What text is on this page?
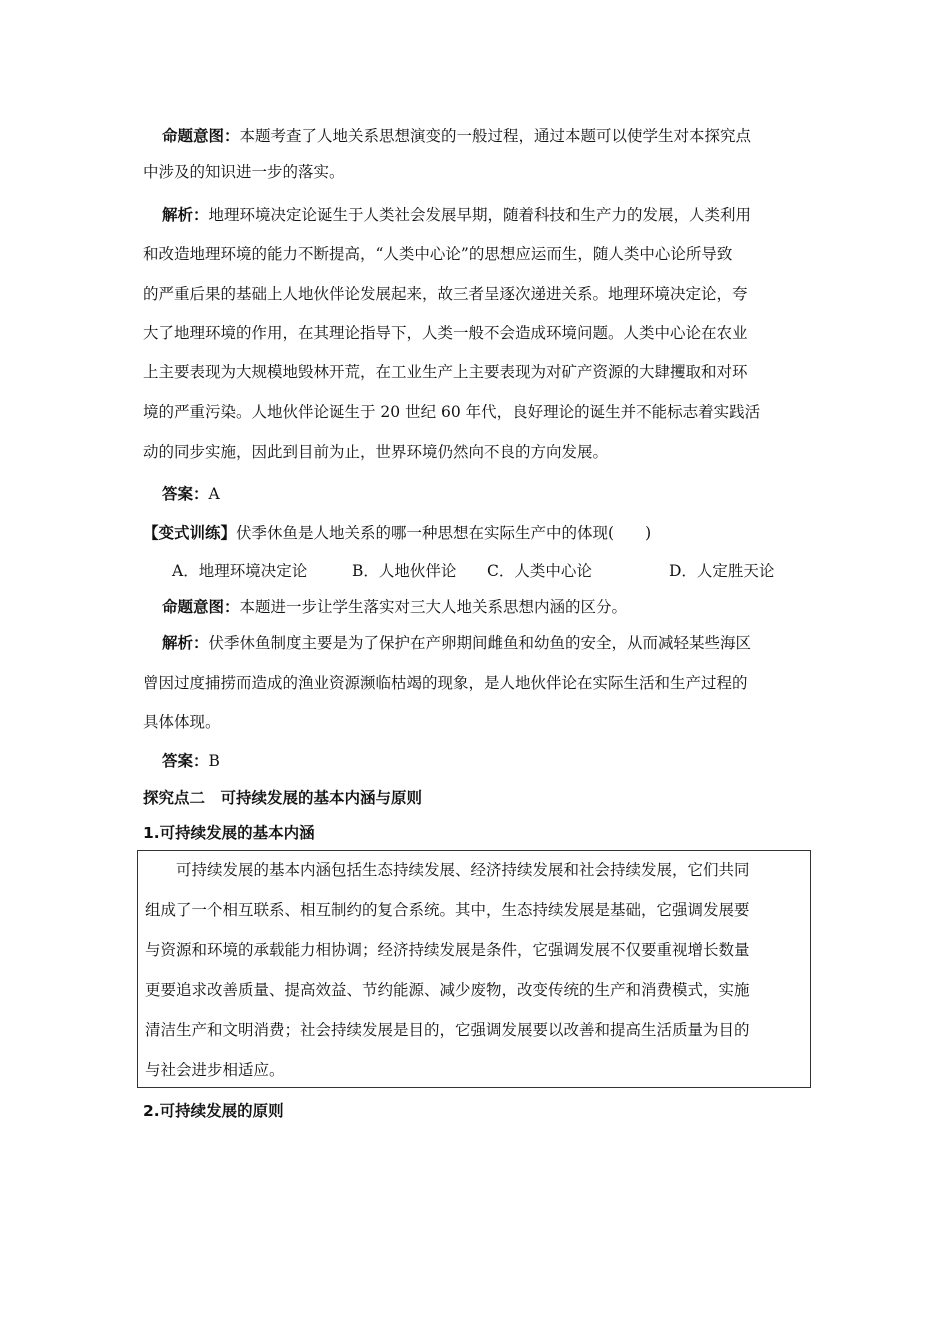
命题意图：本题考查了人地关系思想演变的一般过程，通过本题可以使学生对本探究点
中涉及的知识进一步的落实。
解析：地理环境决定论诞生于人类社会发展早期，随着科技和生产力的发展，人类利用
和改造地理环境的能力不断提高，“人类中心论”的思想应运而生，随人类中心论所导致
的严重后果的基础上人地伙伴论发展起来，故三者呈逐次递进关系。地理环境决定论，夸
大了地理环境的作用，在其理论指导下，人类一般不会造成环境问题。人类中心论在农业
上主要表现为大规模地毁林开荒，在工业生产上主要表现为对矿产资源的大肆攫取和对环
境的严重污染。人地伙伴论诞生于 20 世纪 60 年代，良好理论的诞生并不能标志着实践活
动的同步实施，因此到目前为止，世界环境仍然向不良的方向发展。
答案：A
【变式训练】伏季休鱼是人地关系的哪一种思想在实际生产中的体现(　　)
A．地理环境决定论	B．人地伙伴论 C．人类中心论	D．人定胜天论
命题意图：本题进一步让学生落实对三大人地关系思想内涵的区分。
解析：伏季休鱼制度主要是为了保护在产卵期间雌鱼和幼鱼的安全，从而减轻某些海区
曾因过度捕捞而造成的渔业资源濒临枯竭的现象，是人地伙伴论在实际生活和生产过程的
具体体现。
答案：B
探究点二　可持续发展的基本内涵与原则
1.可持续发展的基本内涵
可持续发展的基本内涵包括生态持续发展、经济持续发展和社会持续发展，它们共同
组成了一个相互联系、相互制约的复合系统。其中，生态持续发展是基础，它强调发展要
与资源和环境的承载能力相协调；经济持续发展是条件，它强调发展不仅要重视增长数量
更要追求改善质量、提高效益、节约能源、减少废物，改变传统的生产和消费模式，实施
清洁生产和文明消费；社会持续发展是目的，它强调发展要以改善和提高生活质量为目的
与社会进步相适应。
2.可持续发展的原则
